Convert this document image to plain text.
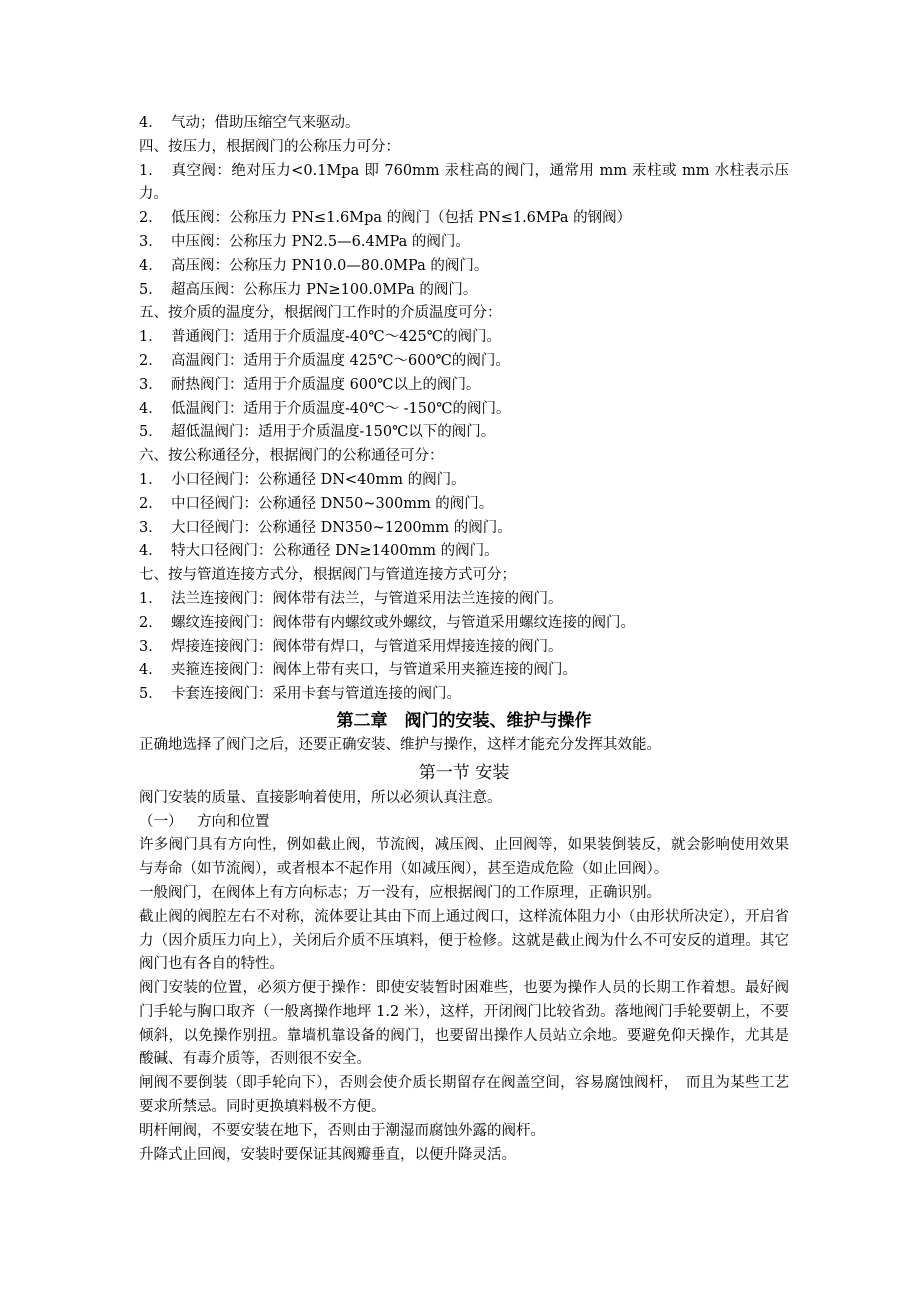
4． 气动；借助压缩空气来驱动。
四、按压力，根据阀门的公称压力可分：
1． 真空阀：绝对压力<0.1Mpa 即 760mm 汞柱高的阀门，通常用 mm 汞柱或 mm 水柱表示压力。
2． 低压阀：公称压力 PN≤1.6Mpa 的阀门（包括 PN≤1.6MPa 的钢阀）
3． 中压阀：公称压力 PN2.5—6.4MPa 的阀门。
4． 高压阀：公称压力 PN10.0—80.0MPa 的阀门。
5． 超高压阀：公称压力 PN≥100.0MPa 的阀门。
五、按介质的温度分，根据阀门工作时的介质温度可分：
1． 普通阀门：适用于介质温度-40℃～425℃的阀门。
2． 高温阀门：适用于介质温度 425℃～600℃的阀门。
3． 耐热阀门：适用于介质温度 600℃以上的阀门。
4． 低温阀门：适用于介质温度-40℃～ -150℃的阀门。
5． 超低温阀门：适用于介质温度-150℃以下的阀门。
六、按公称通径分，根据阀门的公称通径可分：
1． 小口径阀门：公称通径 DN<40mm 的阀门。
2． 中口径阀门：公称通径 DN50~300mm 的阀门。
3． 大口径阀门：公称通径 DN350~1200mm 的阀门。
4． 特大口径阀门：公称通径 DN≥1400mm 的阀门。
七、按与管道连接方式分，根据阀门与管道连接方式可分；
1． 法兰连接阀门：阀体带有法兰，与管道采用法兰连接的阀门。
2． 螺纹连接阀门：阀体带有内螺纹或外螺纹，与管道采用螺纹连接的阀门。
3． 焊接连接阀门：阀体带有焊口，与管道采用焊接连接的阀门。
4． 夹箍连接阀门：阀体上带有夹口，与管道采用夹箍连接的阀门。
5． 卡套连接阀门：采用卡套与管道连接的阀门。
第二章　阀门的安装、维护与操作
正确地选择了阀门之后，还要正确安装、维护与操作，这样才能充分发挥其效能。
第一节 安装
阀门安装的质量、直接影响着使用，所以必须认真注意。
（一） 方向和位置
许多阀门具有方向性，例如截止阀，节流阀，减压阀、止回阀等，如果装倒装反，就会影响使用效果与寿命（如节流阀），或者根本不起作用（如减压阀），甚至造成危险（如止回阀）。
一般阀门，在阀体上有方向标志；万一没有，应根据阀门的工作原理，正确识别。
截止阀的阀腔左右不对称，流体要让其由下而上通过阀口，这样流体阻力小（由形状所决定），开启省力（因介质压力向上），关闭后介质不压填料，便于检修。这就是截止阀为什么不可安反的道理。其它阀门也有各自的特性。
阀门安装的位置，必须方便于操作：即使安装暂时困难些，也要为操作人员的长期工作着想。最好阀门手轮与胸口取齐（一般离操作地坪 1.2 米），这样，开闭阀门比较省劲。落地阀门手轮要朝上，不要倾斜，以免操作别扭。靠墙机靠设备的阀门，也要留出操作人员站立余地。要避免仰天操作，尤其是酸碱、有毒介质等，否则很不安全。
闸阀不要倒装（即手轮向下），否则会使介质长期留存在阀盖空间，容易腐蚀阀杆，　而且为某些工艺要求所禁忌。同时更换填料极不方便。
明杆闸阀，不要安装在地下，否则由于潮湿而腐蚀外露的阀杆。
升降式止回阀，安装时要保证其阀瓣垂直，以便升降灵活。
